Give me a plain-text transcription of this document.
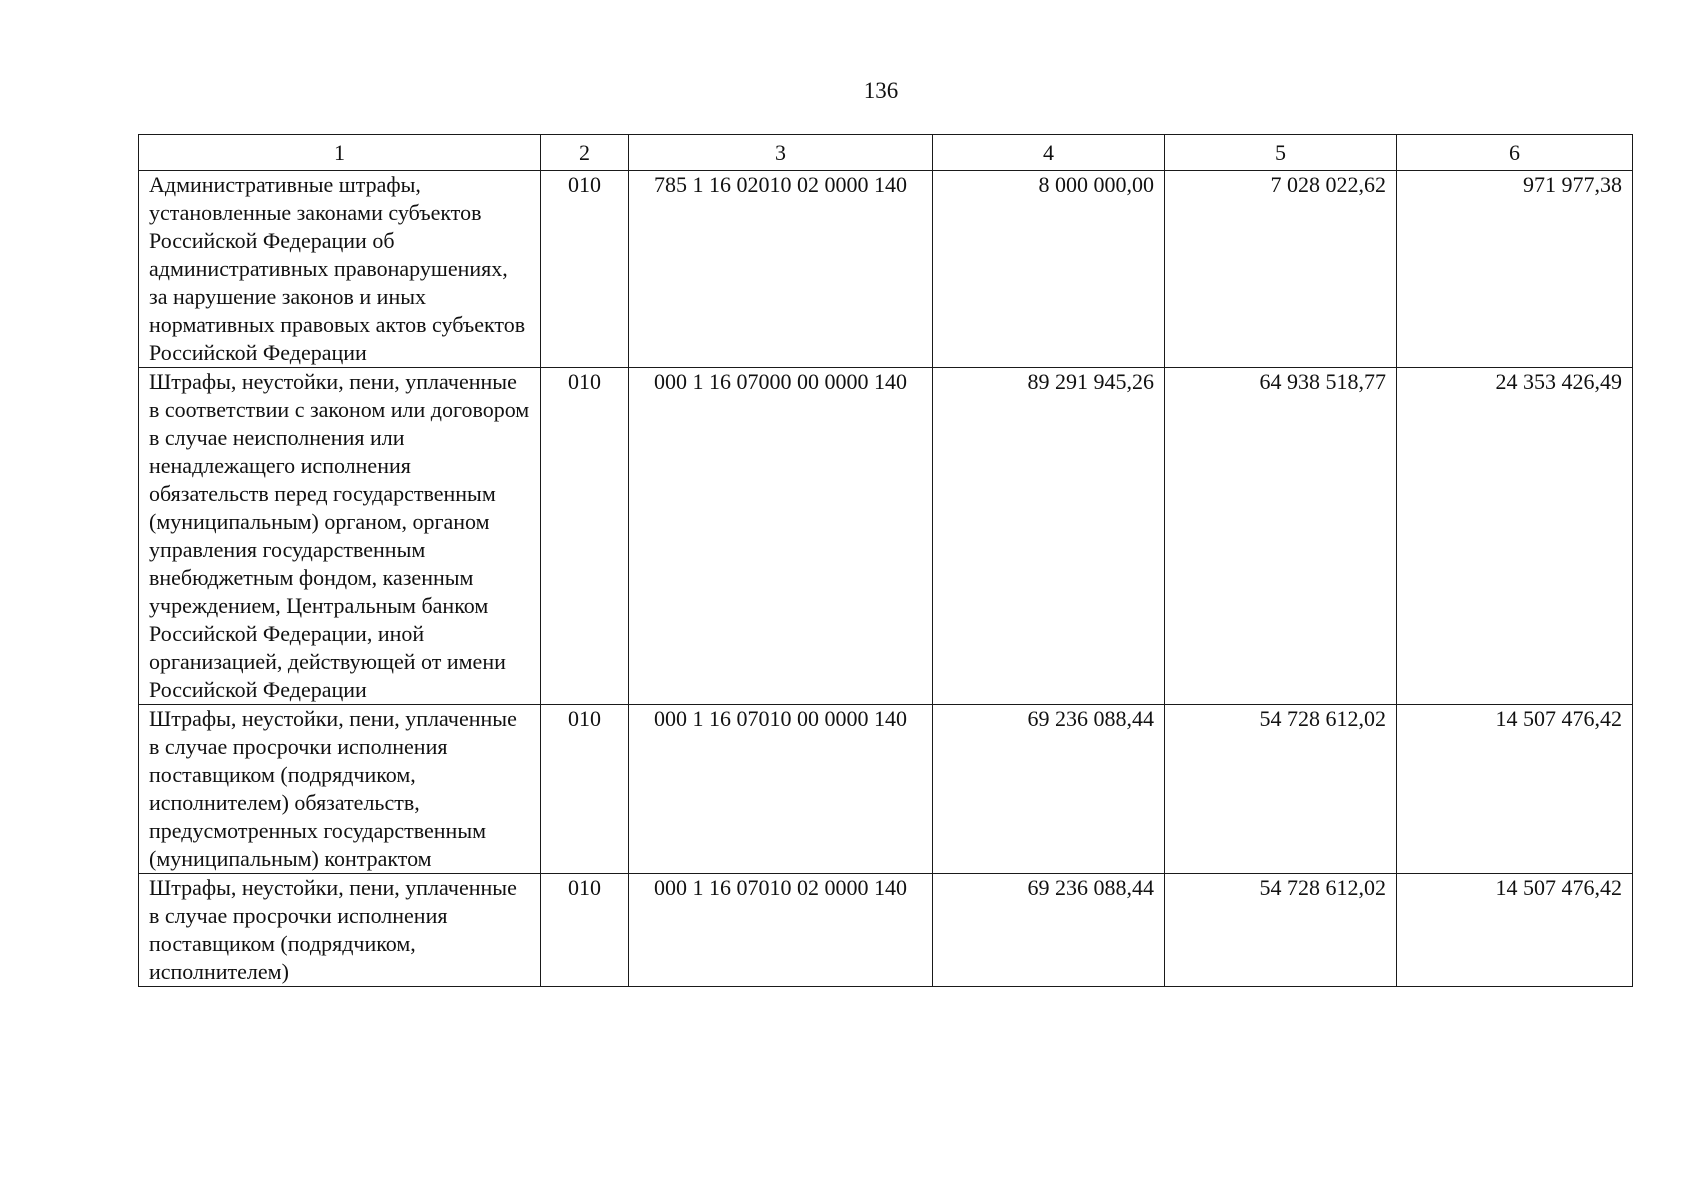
136
1	2	3	4	5	6
Административные штрафы, установленные законами субъектов Российской Федерации об административных правонарушениях, за нарушение законов и иных нормативных правовых актов субъектов Российской Федерации	010	785 1 16 02010 02 0000 140	8 000 000,00	7 028 022,62	971 977,38
Штрафы, неустойки, пени, уплаченные в соответствии с законом или договором в случае неисполнения или ненадлежащего исполнения обязательств перед государственным (муниципальным) органом, органом управления государственным внебюджетным фондом, казенным учреждением, Центральным банком Российской Федерации, иной организацией, действующей от имени Российской Федерации	010	000 1 16 07000 00 0000 140	89 291 945,26	64 938 518,77	24 353 426,49
Штрафы, неустойки, пени, уплаченные в случае просрочки исполнения поставщиком (подрядчиком, исполнителем) обязательств, предусмотренных государственным (муниципальным) контрактом	010	000 1 16 07010 00 0000 140	69 236 088,44	54 728 612,02	14 507 476,42
Штрафы, неустойки, пени, уплаченные в случае просрочки исполнения поставщиком (подрядчиком, исполнителем)	010	000 1 16 07010 02 0000 140	69 236 088,44	54 728 612,02	14 507 476,42
